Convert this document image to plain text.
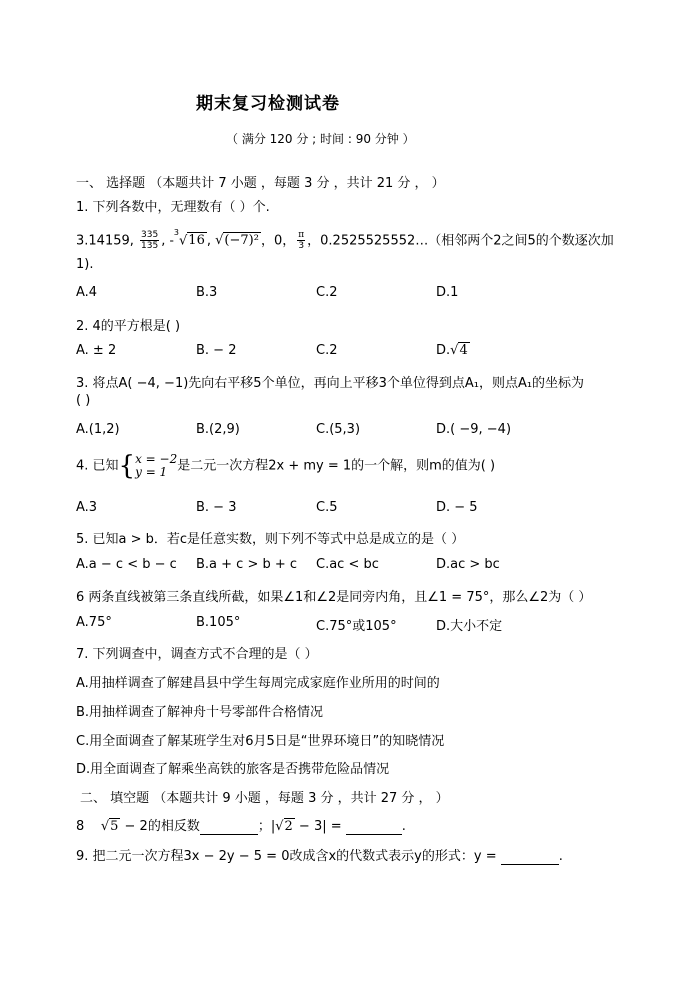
期末复习检测试卷
（ 满分 120 分 ; 时间 : 90 分钟 ）
一、 选择题 （本题共计 7 小题 ，每题 3 分 ，共计 21 分 ， ）
1. 下列各数中，无理数有（ ）个.
3.14159, $\frac{335}{135}$ , -$^3$√16 , √(−7)² ，0， $\frac{\pi}{3}$ ，0.2525525552…（相邻两个2之间5的个数逐次加
1).
A.4	B.3	C.2	D.1
2. 4的平方根是( )
A. ± 2	B. − 2	C.2	D.√4
3. 将点A( −4, −1)先向右平移5个单位，再向上平移3个单位得到点A₁，则点A₁的坐标为
( )
A.(1,2)	B.(2,9)	C.(5,3)	D.( −9, −4)
4. 已知{ x = −2
y = 1 是二元一次方程2x + my = 1的一个解，则m的值为( )
A.3	B. − 3	C.5	D. − 5
5. 已知a > b．若c是任意实数，则下列不等式中总是成立的是（ ）
A.a − c < b − c B.a + c > b + c C.ac < bc	D.ac > bc
6 两条直线被第三条直线所截，如果∠1和∠2是同旁内角，且∠1 = 75°，那么∠2为（ ）
A.75°	B.105°	C.75°或105°	D.大小不定
7. 下列调查中，调查方式不合理的是（ ）
A.用抽样调查了解建昌县中学生每周完成家庭作业所用的时间的
B.用抽样调查了解神舟十号零部件合格情况
C.用全面调查了解某班学生对6月5日是“世界环境日”的知晓情况
D.用全面调查了解乘坐高铁的旅客是否携带危险品情况
二、 填空题 （本题共计 9 小题 ，每题 3 分 ，共计 27 分 ， ）
8 √5 − 2的相反数	；|√2 − 3| =	.
9. 把二元一次方程3x − 2y − 5 = 0改成含x的代数式表示y的形式：y =	.
